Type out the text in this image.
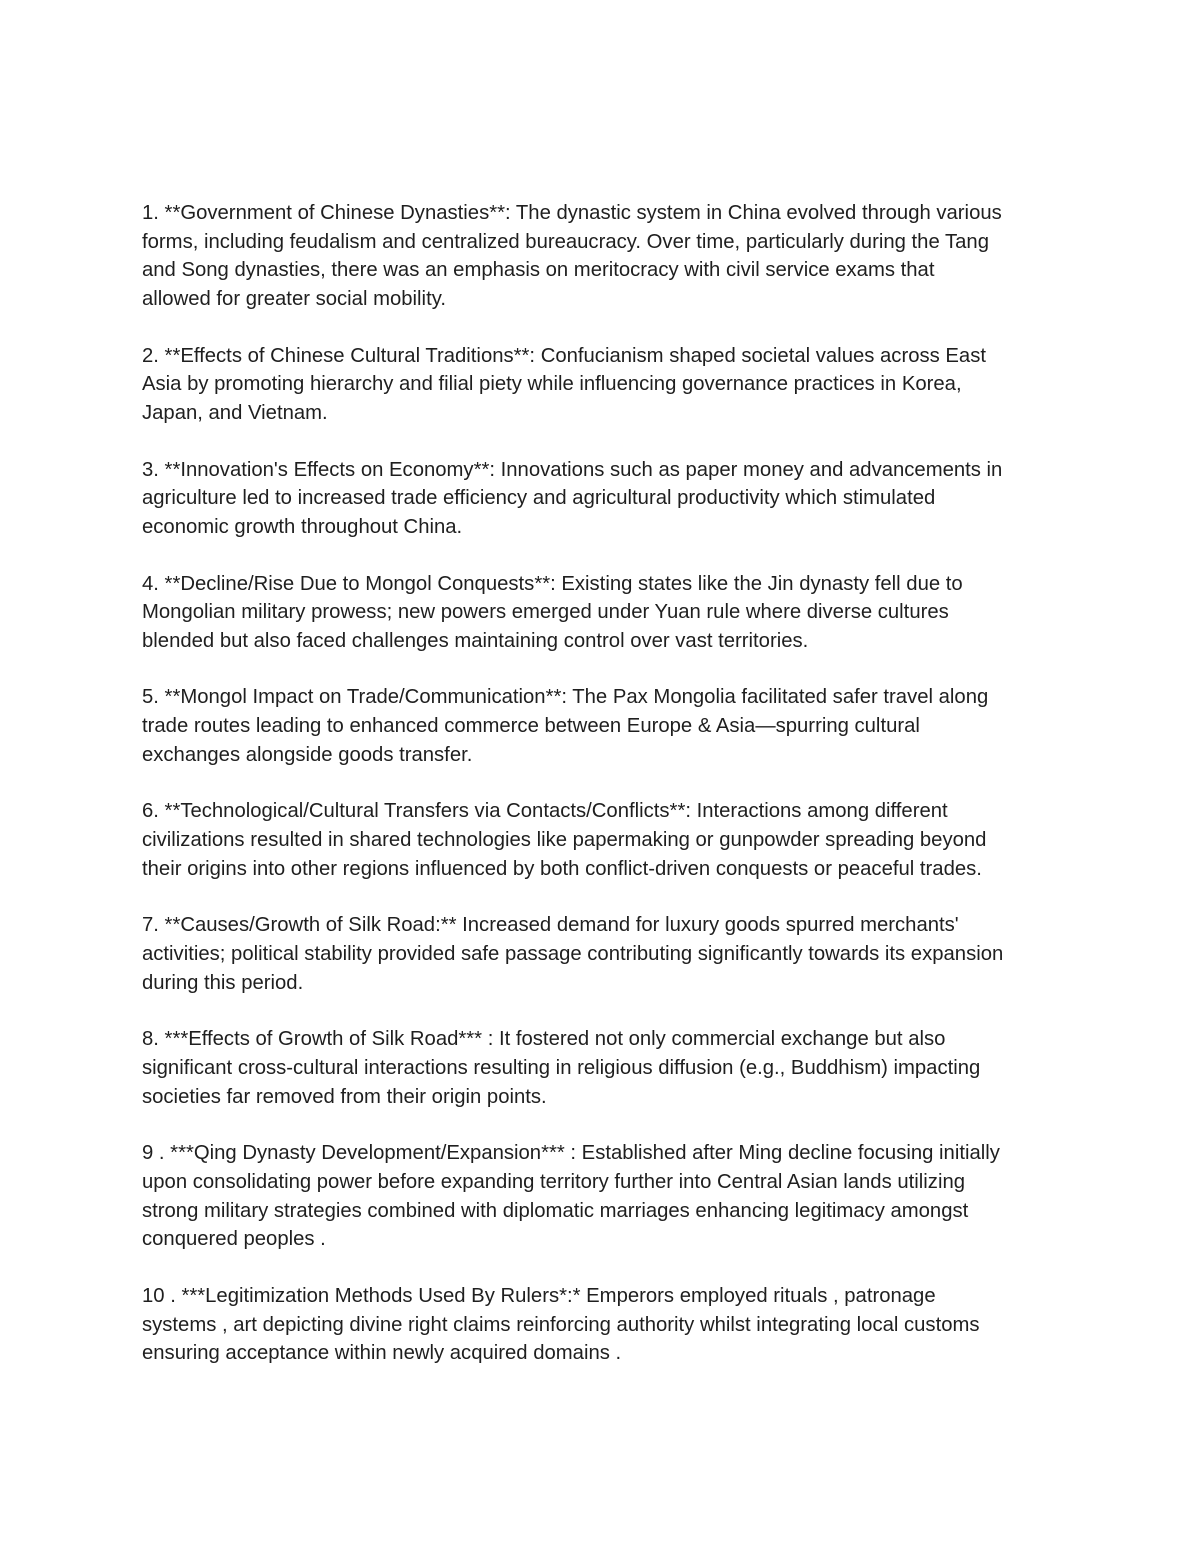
1. **Government of Chinese Dynasties**: The dynastic system in China evolved through various
forms, including feudalism and centralized bureaucracy. Over time, particularly during the Tang
and Song dynasties, there was an emphasis on meritocracy with civil service exams that
allowed for greater social mobility.

2. **Effects of Chinese Cultural Traditions**: Confucianism shaped societal values across East
Asia by promoting hierarchy and filial piety while influencing governance practices in Korea,
Japan, and Vietnam.

3. **Innovation's Effects on Economy**: Innovations such as paper money and advancements in
agriculture led to increased trade efficiency and agricultural productivity which stimulated
economic growth throughout China.

4. **Decline/Rise Due to Mongol Conquests**: Existing states like the Jin dynasty fell due to
Mongolian military prowess; new powers emerged under Yuan rule where diverse cultures
blended but also faced challenges maintaining control over vast territories.

5. **Mongol Impact on Trade/Communication**: The Pax Mongolia facilitated safer travel along
trade routes leading to enhanced commerce between Europe & Asia—spurring cultural
exchanges alongside goods transfer.

6. **Technological/Cultural Transfers via Contacts/Conflicts**: Interactions among different
civilizations resulted in shared technologies like papermaking or gunpowder spreading beyond
their origins into other regions influenced by both conflict-driven conquests or peaceful trades.

7. **Causes/Growth of Silk Road:** Increased demand for luxury goods spurred merchants'
activities; political stability provided safe passage contributing significantly towards its expansion
during this period.

8. ***Effects of Growth of Silk Road*** : It fostered not only commercial exchange but also
significant cross-cultural interactions resulting in religious diffusion (e.g., Buddhism) impacting
societies far removed from their origin points.

9 . ***Qing Dynasty Development/Expansion*** : Established after Ming decline focusing initially
upon consolidating power before expanding territory further into Central Asian lands utilizing
strong military strategies combined with diplomatic marriages enhancing legitimacy amongst
conquered peoples .

10 . ***Legitimization Methods Used By Rulers*:* Emperors employed rituals , patronage
systems , art depicting divine right claims reinforcing authority whilst integrating local customs
ensuring acceptance within newly acquired domains .
